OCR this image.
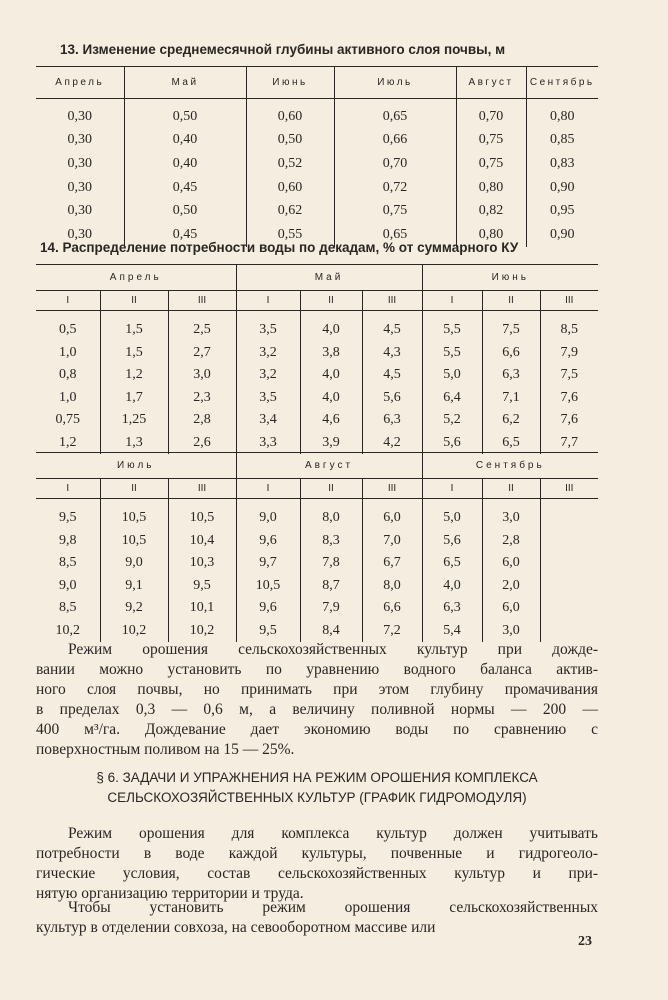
13. Изменение среднемесячной глубины активного слоя почвы, м
Апрель	Май	Июнь	Июль	Август	Сентябрь
0,30	0,50	0,60	0,65	0,70	0,80
0,30	0,40	0,50	0,66	0,75	0,85
0,30	0,40	0,52	0,70	0,75	0,83
0,30	0,45	0,60	0,72	0,80	0,90
0,30	0,50	0,62	0,75	0,82	0,95
0,30	0,45	0,55	0,65	0,80	0,90
14. Распределение потребности воды по декадам, % от суммарного КУ
Апрель			Май			Июнь		
I	II	III	I	II	III	I	II	III
0,5	1,5	2,5	3,5	4,0	4,5	5,5	7,5	8,5
1,0	1,5	2,7	3,2	3,8	4,3	5,5	6,6	7,9
0,8	1,2	3,0	3,2	4,0	4,5	5,0	6,3	7,5
1,0	1,7	2,3	3,5	4,0	5,6	6,4	7,1	7,6
0,75	1,25	2,8	3,4	4,6	6,3	5,2	6,2	7,6
1,2	1,3	2,6	3,3	3,9	4,2	5,6	6,5	7,7
Июль			Август			Сентябрь		
I	II	III	I	II	III	I	II	III
9,5	10,5	10,5	9,0	8,0	6,0	5,0	3,0	
9,8	10,5	10,4	9,6	8,3	7,0	5,6	2,8	
8,5	9,0	10,3	9,7	7,8	6,7	6,5	6,0	
9,0	9,1	9,5	10,5	8,7	8,0	4,0	2,0	
8,5	9,2	10,1	9,6	7,9	6,6	6,3	6,0	
10,2	10,2	10,2	9,5	8,4	7,2	5,4	3,0	

Режим орошения сельскохозяйственных культур при дожде-
вании можно установить по уравнению водного баланса актив-
ного слоя почвы, но принимать при этом глубину промачивания
в пределах 0,3 — 0,6 м, а величину поливной нормы — 200 —
400 м³/га. Дождевание дает экономию воды по сравнению с
поверхностным поливом на 15 — 25%.

§ 6. ЗАДАЧИ И УПРАЖНЕНИЯ НА РЕЖИМ ОРОШЕНИЯ КОМПЛЕКСА
СЕЛЬСКОХОЗЯЙСТВЕННЫХ КУЛЬТУР (ГРАФИК ГИДРОМОДУЛЯ)

Режим орошения для комплекса культур должен учитывать
потребности в воде каждой культуры, почвенные и гидрогеоло-
гические условия, состав сельскохозяйственных культур и при-
нятую организацию территории и труда.

Чтобы установить режим орошения сельскохозяйственных
культур в отделении совхоза, на севооборотном массиве или

23
